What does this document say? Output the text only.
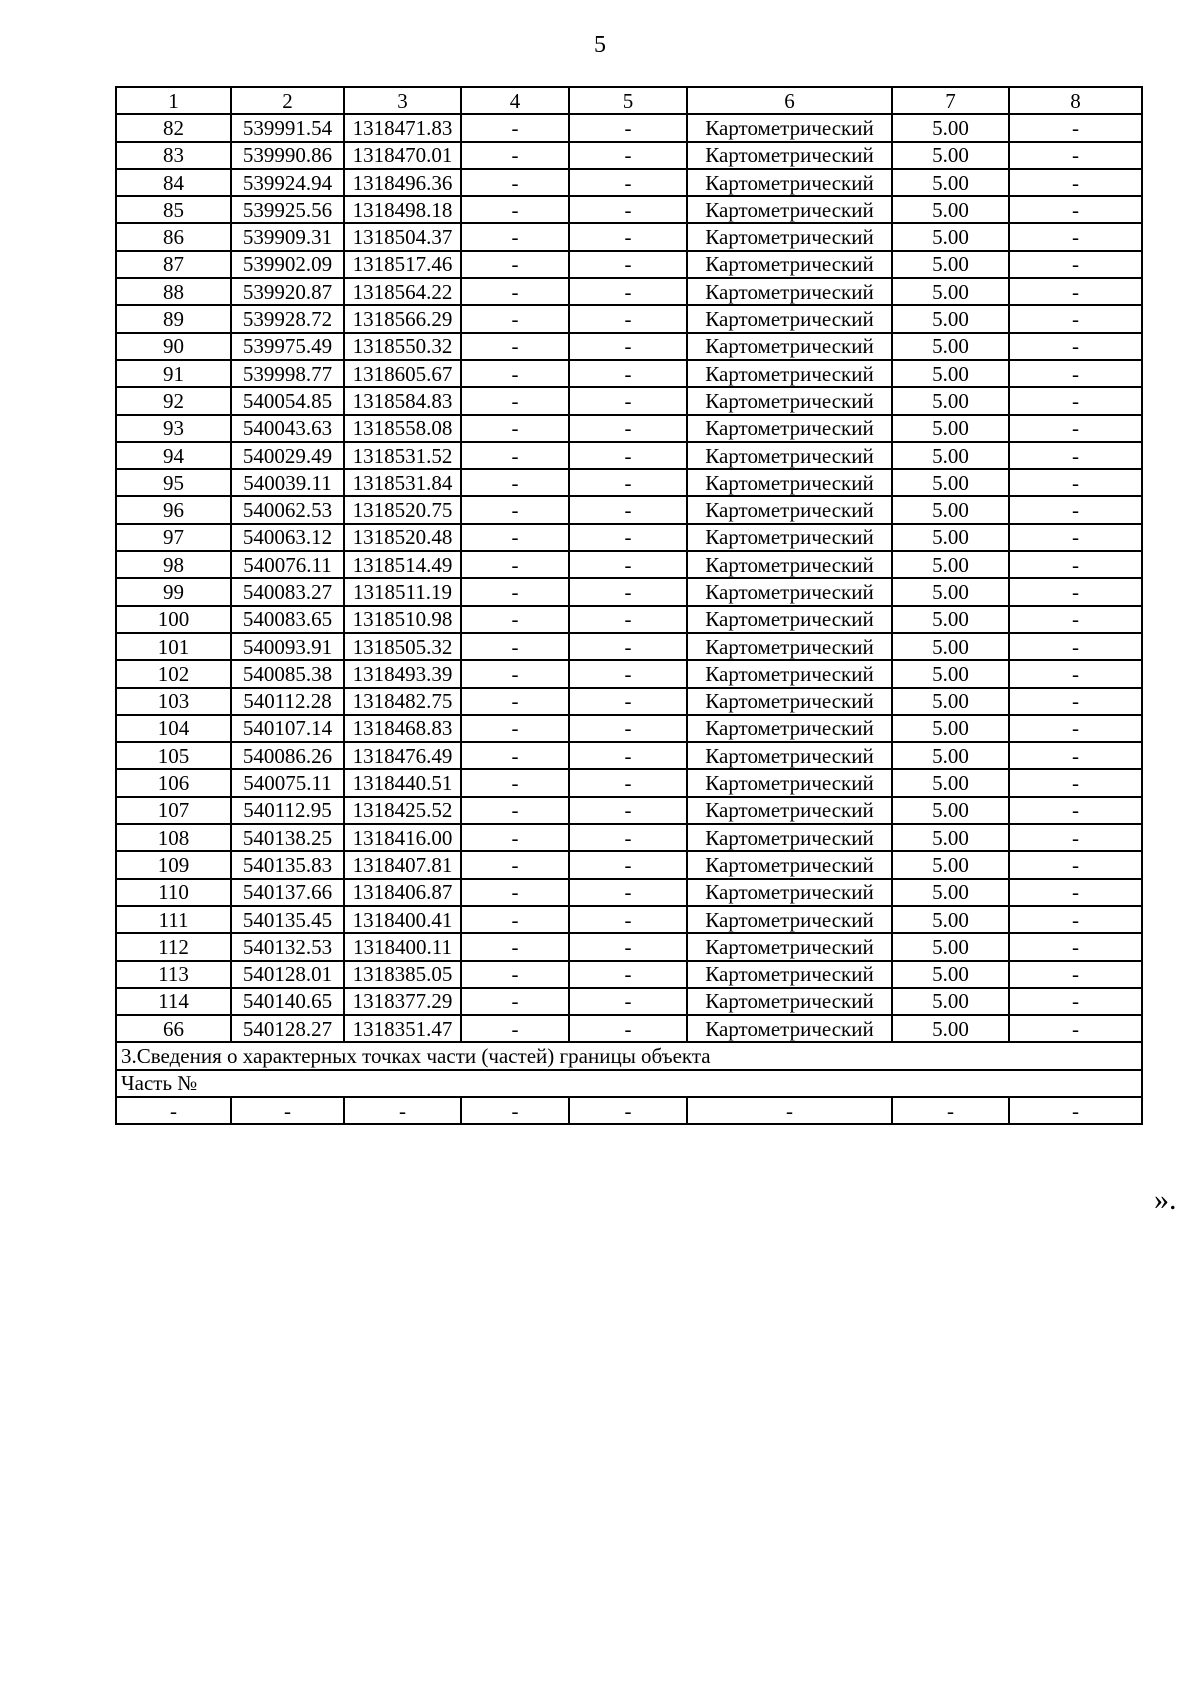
5
1	2	3	4	5	6	7	8
82	539991.54	1318471.83	-	-	Картометрический	5.00	-
83	539990.86	1318470.01	-	-	Картометрический	5.00	-
84	539924.94	1318496.36	-	-	Картометрический	5.00	-
85	539925.56	1318498.18	-	-	Картометрический	5.00	-
86	539909.31	1318504.37	-	-	Картометрический	5.00	-
87	539902.09	1318517.46	-	-	Картометрический	5.00	-
88	539920.87	1318564.22	-	-	Картометрический	5.00	-
89	539928.72	1318566.29	-	-	Картометрический	5.00	-
90	539975.49	1318550.32	-	-	Картометрический	5.00	-
91	539998.77	1318605.67	-	-	Картометрический	5.00	-
92	540054.85	1318584.83	-	-	Картометрический	5.00	-
93	540043.63	1318558.08	-	-	Картометрический	5.00	-
94	540029.49	1318531.52	-	-	Картометрический	5.00	-
95	540039.11	1318531.84	-	-	Картометрический	5.00	-
96	540062.53	1318520.75	-	-	Картометрический	5.00	-
97	540063.12	1318520.48	-	-	Картометрический	5.00	-
98	540076.11	1318514.49	-	-	Картометрический	5.00	-
99	540083.27	1318511.19	-	-	Картометрический	5.00	-
100	540083.65	1318510.98	-	-	Картометрический	5.00	-
101	540093.91	1318505.32	-	-	Картометрический	5.00	-
102	540085.38	1318493.39	-	-	Картометрический	5.00	-
103	540112.28	1318482.75	-	-	Картометрический	5.00	-
104	540107.14	1318468.83	-	-	Картометрический	5.00	-
105	540086.26	1318476.49	-	-	Картометрический	5.00	-
106	540075.11	1318440.51	-	-	Картометрический	5.00	-
107	540112.95	1318425.52	-	-	Картометрический	5.00	-
108	540138.25	1318416.00	-	-	Картометрический	5.00	-
109	540135.83	1318407.81	-	-	Картометрический	5.00	-
110	540137.66	1318406.87	-	-	Картометрический	5.00	-
111	540135.45	1318400.41	-	-	Картометрический	5.00	-
112	540132.53	1318400.11	-	-	Картометрический	5.00	-
113	540128.01	1318385.05	-	-	Картометрический	5.00	-
114	540140.65	1318377.29	-	-	Картометрический	5.00	-
66	540128.27	1318351.47	-	-	Картометрический	5.00	-
3.Сведения о характерных точках части (частей) границы объекта							
Часть №							
-	-	-	-	-	-	-	-
».
